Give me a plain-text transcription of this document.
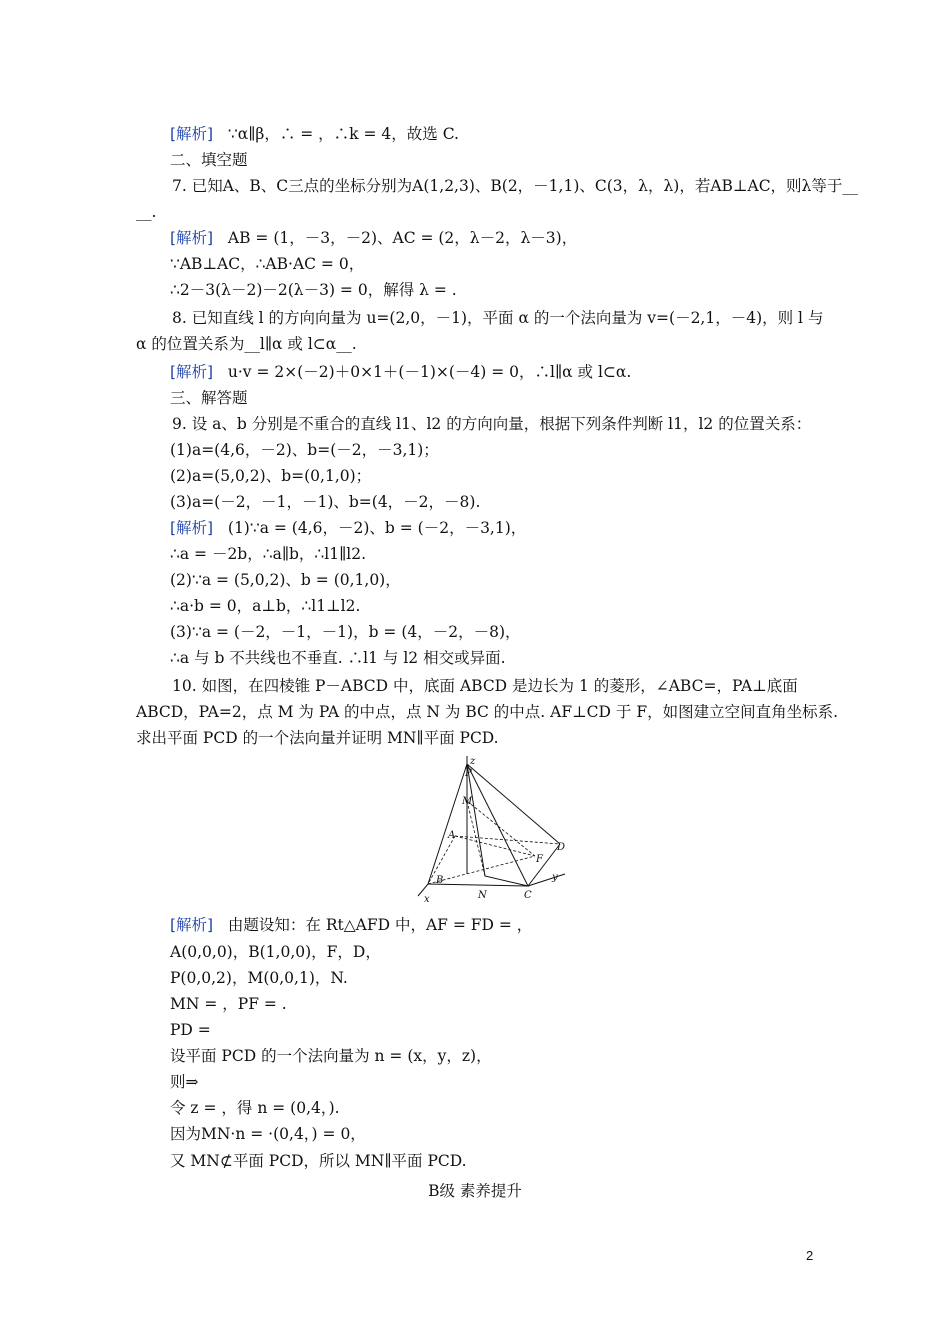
[解析]   ∵α∥β，∴ = ，∴k = 4，故选 C.
二、填空题
7. 已知A、B、C三点的坐标分别为A(1,2,3)、B(2，－1,1)、C(3，λ，λ)，若AB⊥AC，则λ等于__
__.
[解析]   AB = (1，－3，－2)、AC = (2，λ－2，λ－3)，
∵AB⊥AC，∴AB·AC = 0，
∴2－3(λ－2)－2(λ－3) = 0，解得 λ = .
8. 已知直线 l 的方向向量为 u=(2,0，－1)，平面 α 的一个法向量为 v=(－2,1，－4)，则 l 与
α 的位置关系为__l∥α 或 l⊂α__.
[解析]   u·v = 2×(－2)＋0×1＋(－1)×(－4) = 0，∴l∥α 或 l⊂α.
三、解答题
9. 设 a、b 分别是不重合的直线 l1、l2 的方向向量，根据下列条件判断 l1，l2 的位置关系：
(1)a=(4,6，－2)、b=(－2，－3,1)；
(2)a=(5,0,2)、b=(0,1,0)；
(3)a=(－2，－1，－1)、b=(4，－2，－8).
[解析]   (1)∵a = (4,6，－2)、b = (－2，－3,1)，
∴a = －2b，∴a∥b，∴l1∥l2.
(2)∵a = (5,0,2)、b = (0,1,0)，
∴a·b = 0，a⊥b，∴l1⊥l2.
(3)∵a = (－2，－1，－1)，b = (4，－2，－8)，
∴a 与 b 不共线也不垂直. ∴l1 与 l2 相交或异面.
10. 如图，在四棱锥 P－ABCD 中，底面 ABCD 是边长为 1 的菱形，∠ABC=，PA⊥底面
ABCD，PA=2，点 M 为 PA 的中点，点 N 为 BC 的中点. AF⊥CD 于 F，如图建立空间直角坐标系.
求出平面 PCD 的一个法向量并证明 MN∥平面 PCD.
z
P
M
A
D
F
y
B
N	C
x
[解析]   由题设知：在 Rt△AFD 中，AF = FD = ，
A(0,0,0)，B(1,0,0)，F，D，
P(0,0,2)，M(0,0,1)，N.
MN = ，PF = .
PD =
设平面 PCD 的一个法向量为 n = (x，y，z)，
则⇒
令 z = ，得 n = (0,4，).
因为MN·n = ·(0,4，) = 0，
又 MN⊄平面 PCD，所以 MN∥平面 PCD.
B级 素养提升
2
